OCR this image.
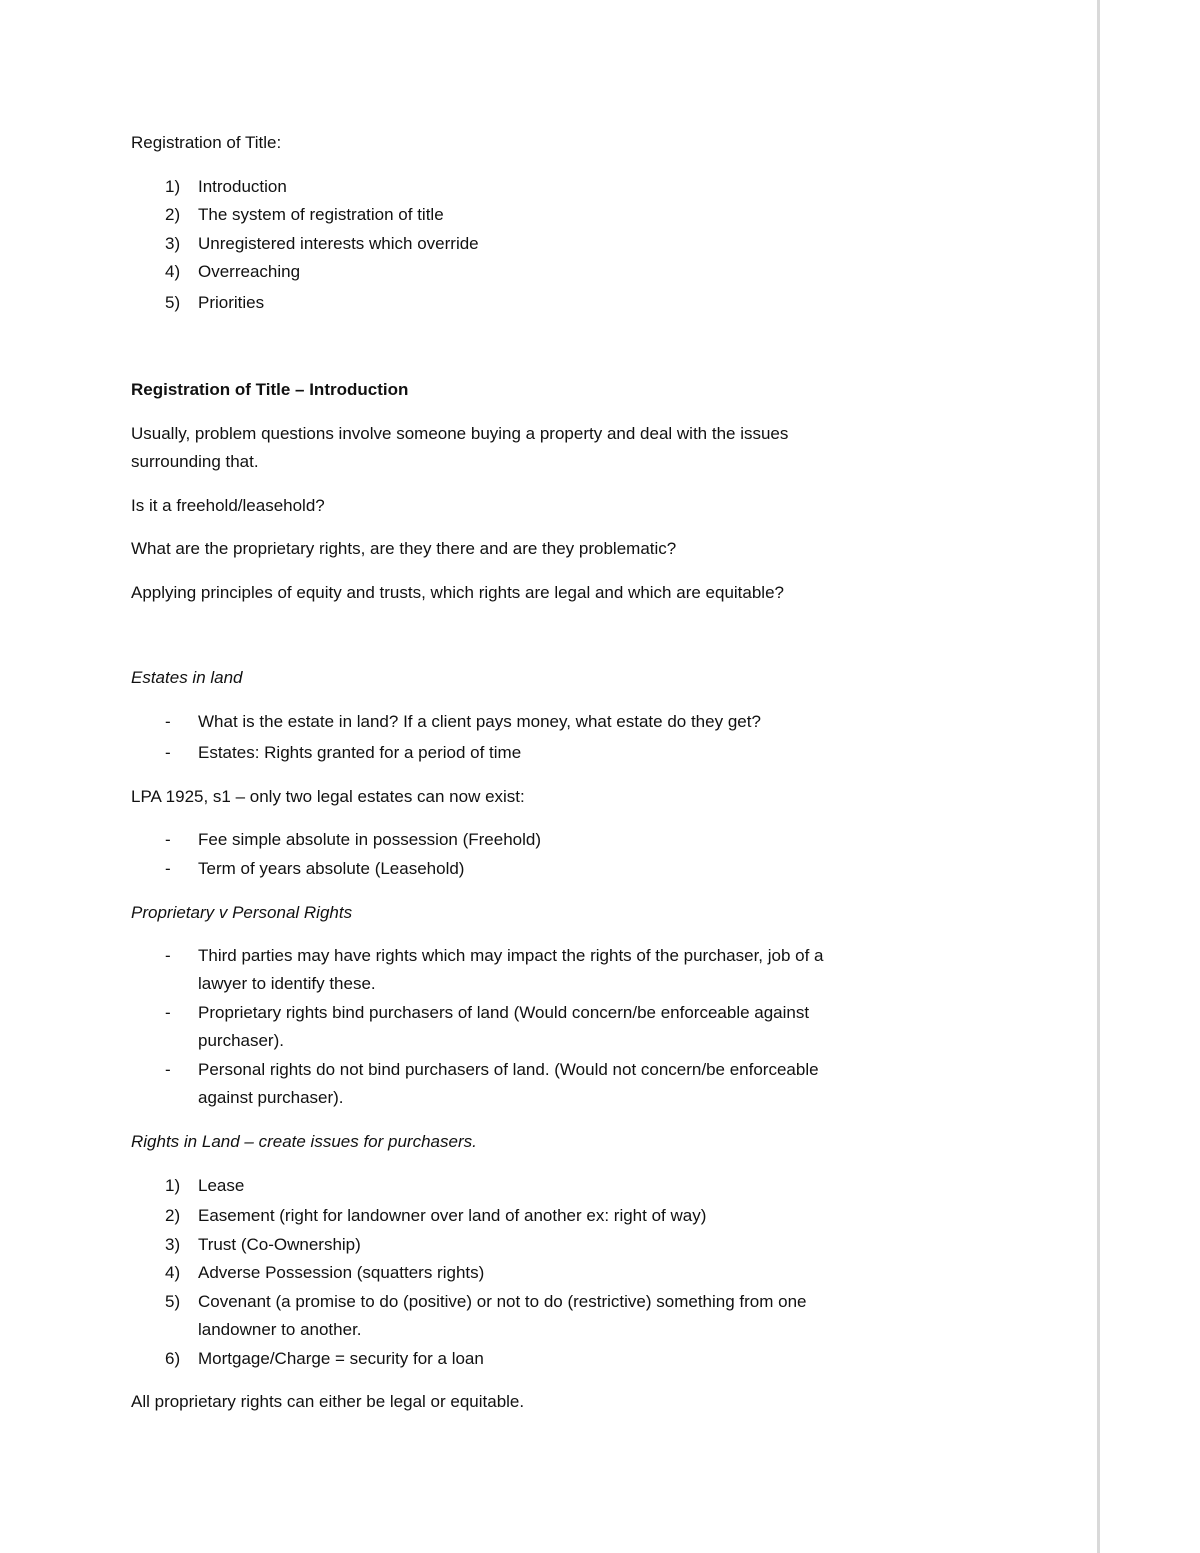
Registration of Title:

1) Introduction

2) The system of registration of title

3) Unregistered interests which override

4) Overreaching

5) Priorities

Registration of Title – Introduction

Usually, problem questions involve someone buying a property and deal with the issues

surrounding that.

Is it a freehold/leasehold?

What are the proprietary rights, are they there and are they problematic?

Applying principles of equity and trusts, which rights are legal and which are equitable?

Estates in land

- What is the estate in land? If a client pays money, what estate do they get?

- Estates: Rights granted for a period of time

LPA 1925, s1 – only two legal estates can now exist:

- Fee simple absolute in possession (Freehold)

- Term of years absolute (Leasehold)

Proprietary v Personal Rights

- Third parties may have rights which may impact the rights of the purchaser, job of a

lawyer to identify these.

- Proprietary rights bind purchasers of land (Would concern/be enforceable against

purchaser).

- Personal rights do not bind purchasers of land. (Would not concern/be enforceable

against purchaser).

Rights in Land – create issues for purchasers.

1) Lease

2) Easement (right for landowner over land of another ex: right of way)

3) Trust (Co-Ownership)

4) Adverse Possession (squatters rights)

5) Covenant (a promise to do (positive) or not to do (restrictive) something from one

landowner to another.

6) Mortgage/Charge = security for a loan

All proprietary rights can either be legal or equitable.
